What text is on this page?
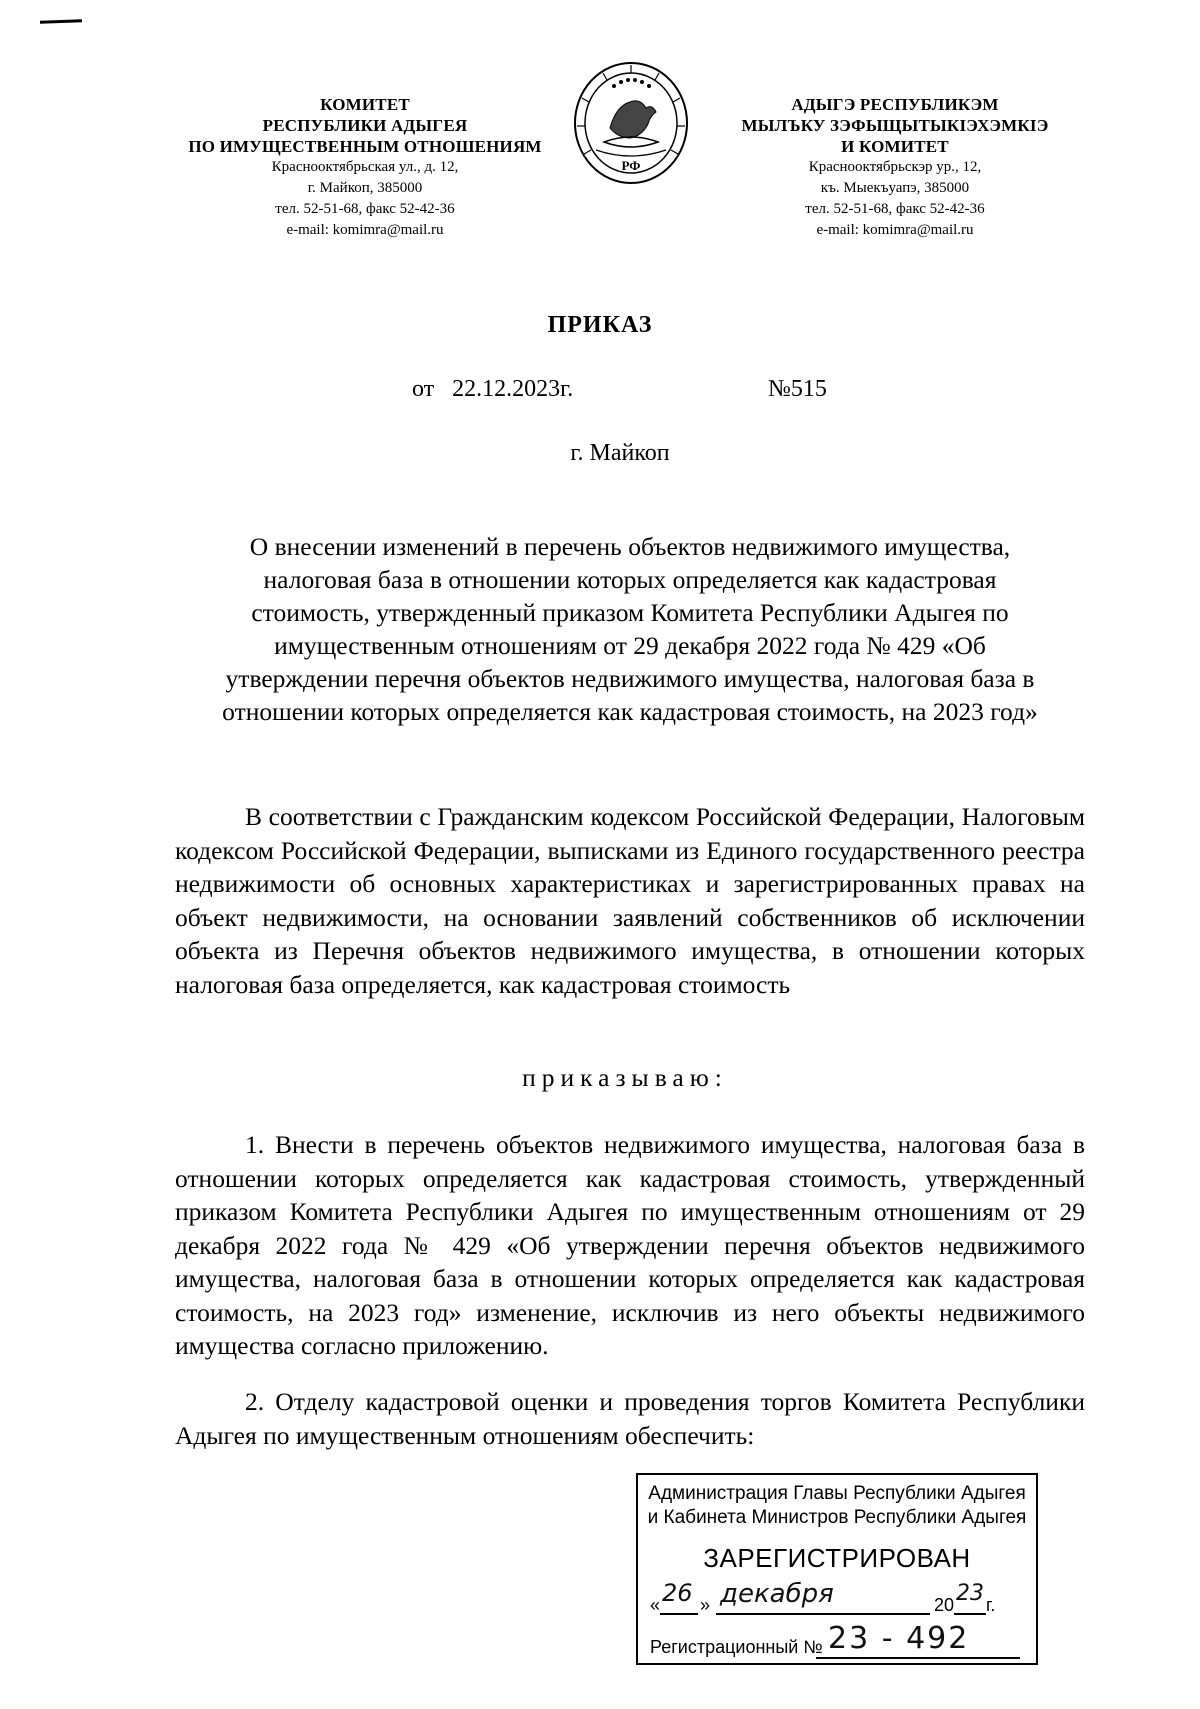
КОМИТЕТ
РЕСПУБЛИКИ АДЫГЕЯ
ПО ИМУЩЕСТВЕННЫМ ОТНОШЕНИЯМ
Краснооктябрьская ул., д. 12,
г. Майкоп, 385000
тел. 52-51-68, факс 52-42-36
e-mail: komimra@mail.ru
РФ
АДЫГЭ РЕСПУБЛИКЭМ
МЫЛЪКУ ЗЭФЫЩЫТЫКIЭХЭМКIЭ
И КОМИТЕТ
Краснооктябрьскэр ур., 12,
къ. Мыекъуапэ, 385000
тел. 52-51-68, факс 52-42-36
e-mail: komimra@mail.ru
ПРИКАЗ
от 22.12.2023г.	№515
г. Майкоп
О внесении изменений в перечень объектов недвижимого имущества,
налоговая база в отношении которых определяется как кадастровая
стоимость, утвержденный приказом Комитета Республики Адыгея по
имущественным отношениям от 29 декабря 2022 года № 429 «Об
утверждении перечня объектов недвижимого имущества, налоговая база в
отношении которых определяется как кадастровая стоимость, на 2023 год»
В соответствии с Гражданским кодексом Российской Федерации, Налоговым кодексом Российской Федерации, выписками из Единого государственного реестра недвижимости об основных характеристиках и зарегистрированных правах на объект недвижимости, на основании заявлений собственников об исключении объекта из Перечня объектов недвижимого имущества, в отношении которых налоговая база определяется, как кадастровая стоимость
приказываю:
1. Внести в перечень объектов недвижимого имущества, налоговая база в отношении которых определяется как кадастровая стоимость, утвержденный приказом Комитета Республики Адыгея по имущественным отношениям от 29 декабря 2022 года № 429 «Об утверждении перечня объектов недвижимого имущества, налоговая база в отношении которых определяется как кадастровая стоимость, на 2023 год» изменение, исключив из него объекты недвижимого имущества согласно приложению.
2. Отделу кадастровой оценки и проведения торгов Комитета Республики Адыгея по имущественным отношениям обеспечить:
Администрация Главы Республики Адыгея
и Кабинета Министров Республики Адыгея
ЗАРЕГИСТРИРОВАН
« 26 » декабря	20 23 г.
Регистрационный № 23 - 492
